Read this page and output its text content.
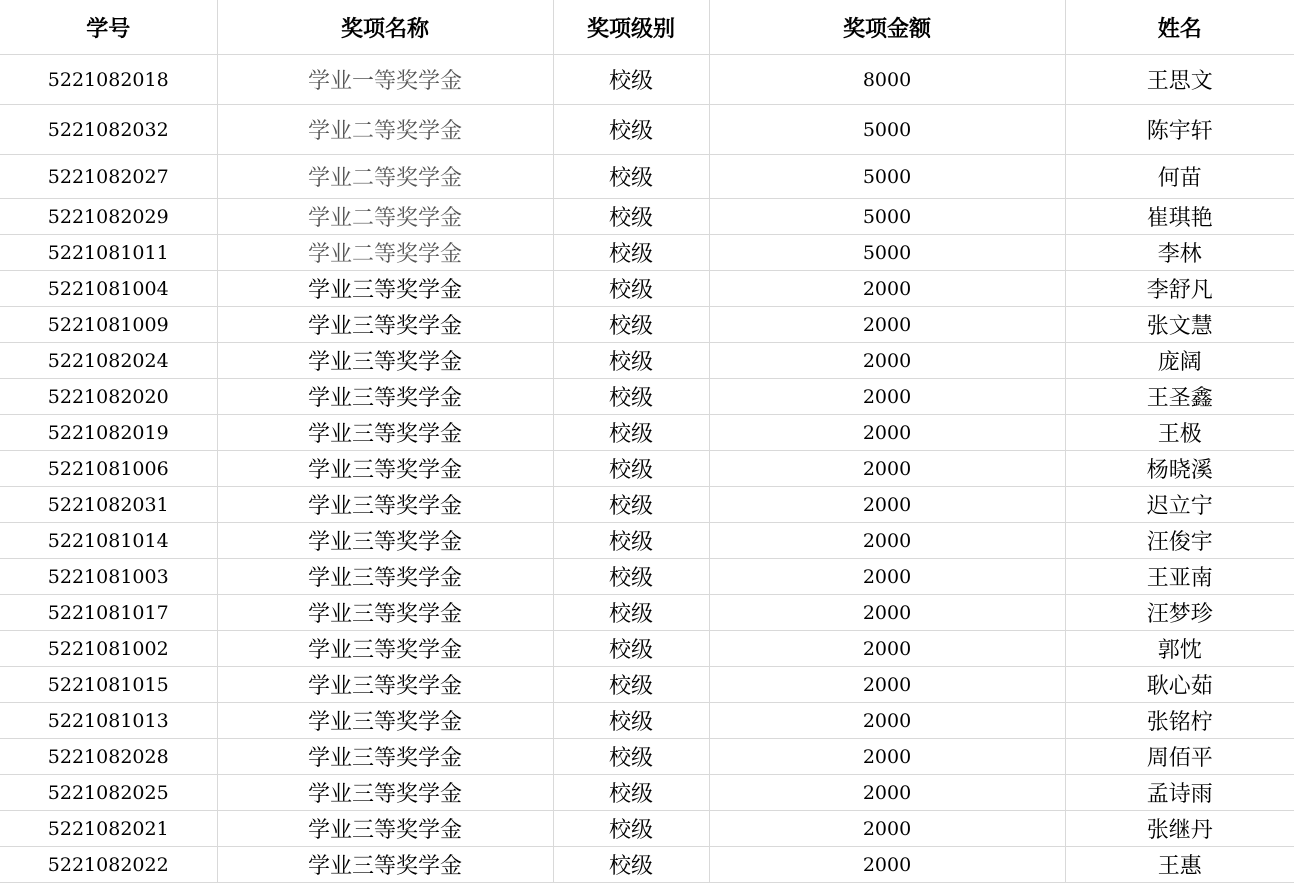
学号	奖项名称	奖项级别	奖项金额	姓名
5221082018	学业一等奖学金	校级	8000	王思文
5221082032	学业二等奖学金	校级	5000	陈宇轩
5221082027	学业二等奖学金	校级	5000	何苗
5221082029	学业二等奖学金	校级	5000	崔琪艳
5221081011	学业二等奖学金	校级	5000	李林
5221081004	学业三等奖学金	校级	2000	李舒凡
5221081009	学业三等奖学金	校级	2000	张文慧
5221082024	学业三等奖学金	校级	2000	庞阔
5221082020	学业三等奖学金	校级	2000	王圣鑫
5221082019	学业三等奖学金	校级	2000	王极
5221081006	学业三等奖学金	校级	2000	杨晓溪
5221082031	学业三等奖学金	校级	2000	迟立宁
5221081014	学业三等奖学金	校级	2000	汪俊宇
5221081003	学业三等奖学金	校级	2000	王亚南
5221081017	学业三等奖学金	校级	2000	汪梦珍
5221081002	学业三等奖学金	校级	2000	郭忱
5221081015	学业三等奖学金	校级	2000	耿心茹
5221081013	学业三等奖学金	校级	2000	张铭柠
5221082028	学业三等奖学金	校级	2000	周佰平
5221082025	学业三等奖学金	校级	2000	孟诗雨
5221082021	学业三等奖学金	校级	2000	张继丹
5221082022	学业三等奖学金	校级	2000	王惠
